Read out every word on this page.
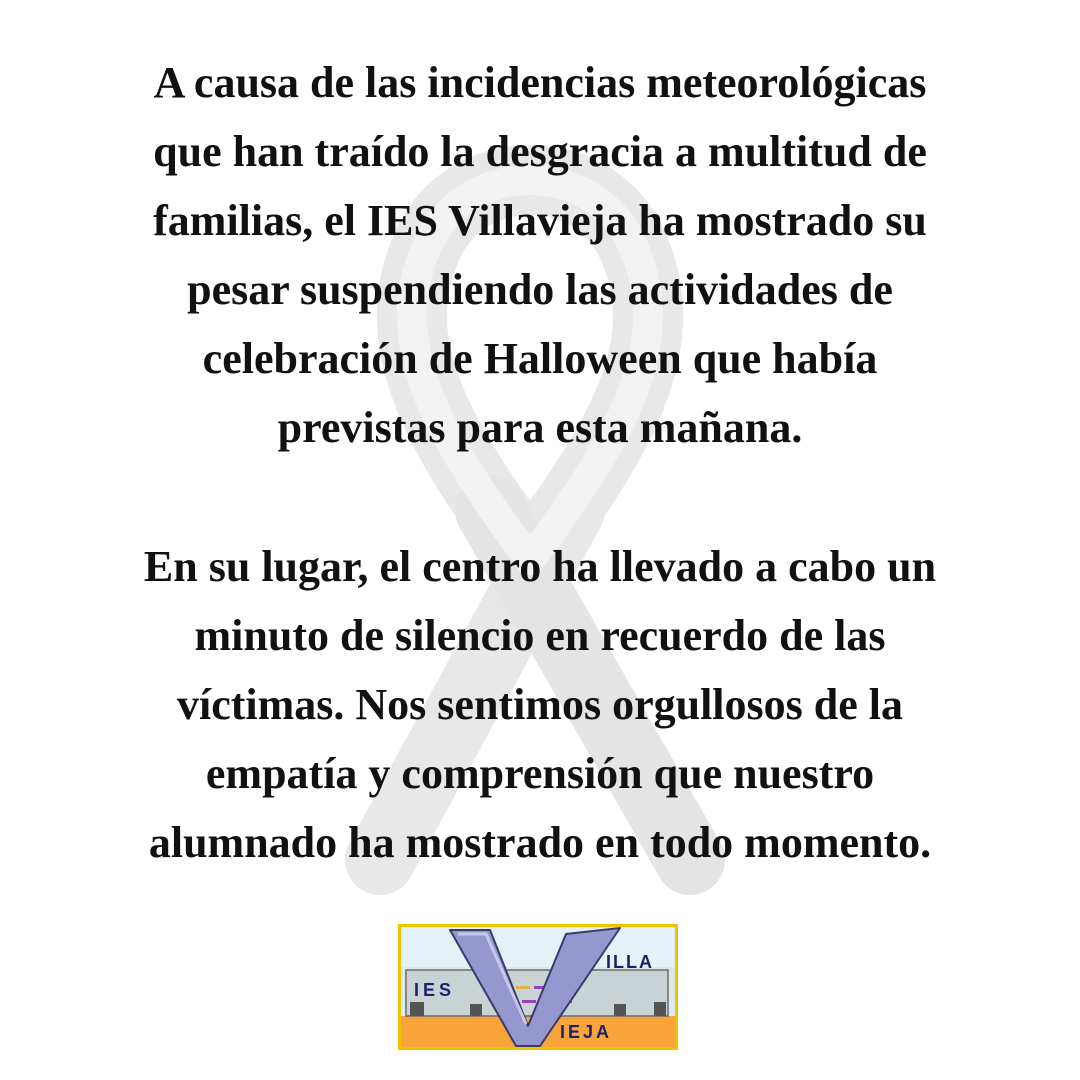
A causa de las incidencias meteorológicas
que han traído la desgracia a multitud de
familias, el IES Villavieja ha mostrado su
pesar suspendiendo las actividades de
celebración de Halloween que había
previstas para esta mañana.
En su lugar, el centro ha llevado a cabo un
minuto de silencio en recuerdo de las
víctimas. Nos sentimos orgullosos de la
empatía y comprensión que nuestro
alumnado ha mostrado en todo momento.
IES
ILLA
IEJA
